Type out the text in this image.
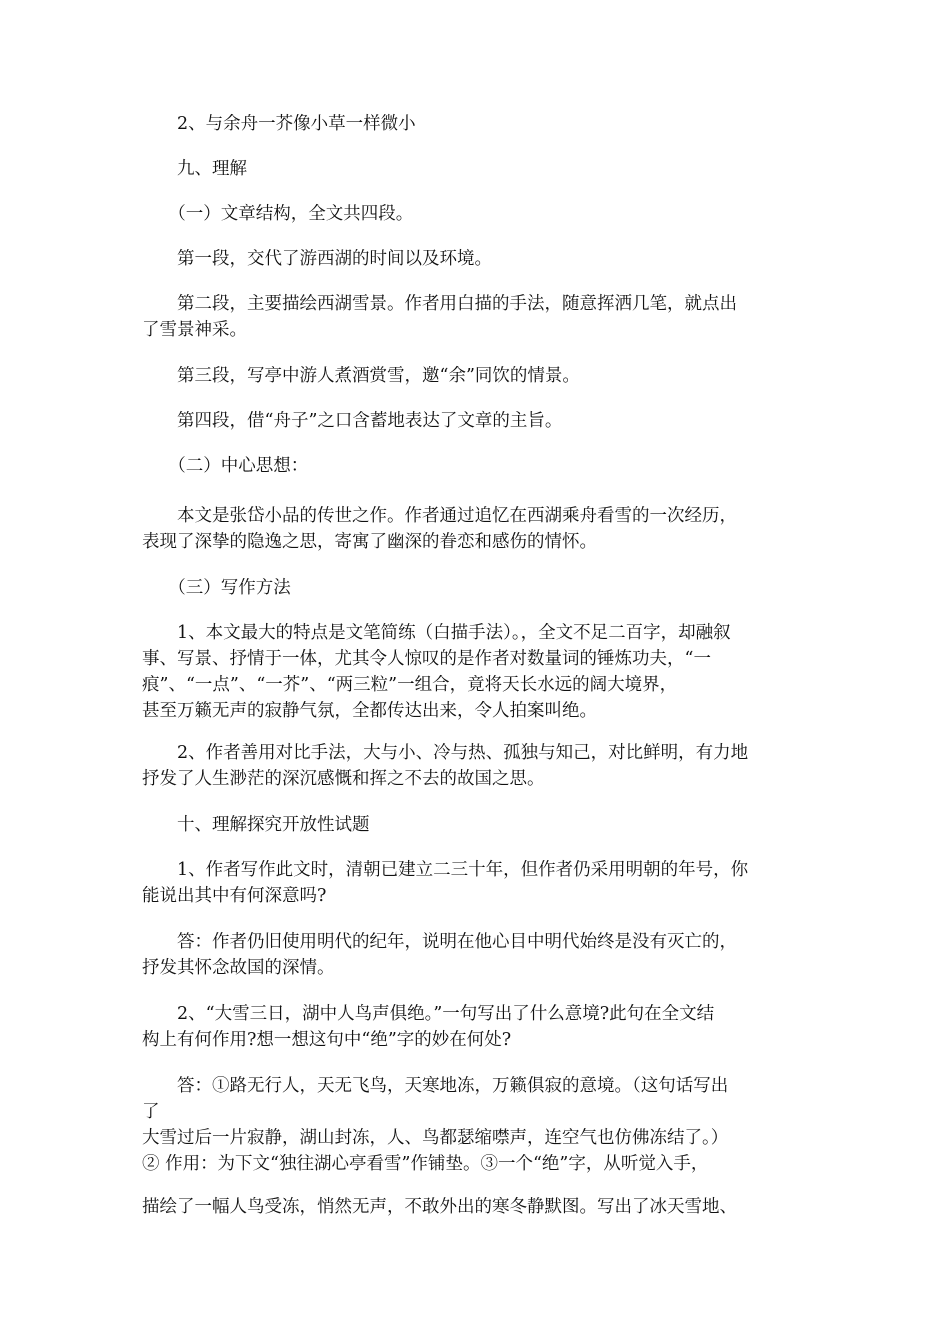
　　2、与余舟一芥像小草一样微小
　　九、理解
　　（一）文章结构，全文共四段。
　　第一段，交代了游西湖的时间以及环境。
　　第二段，主要描绘西湖雪景。作者用白描的手法，随意挥洒几笔，就点出
了雪景神采。
　　第三段，写亭中游人煮酒赏雪，邀“余”同饮的情景。
　　第四段，借“舟子”之口含蓄地表达了文章的主旨。
　　（二）中心思想：
　　本文是张岱小品的传世之作。作者通过追忆在西湖乘舟看雪的一次经历，
表现了深挚的隐逸之思，寄寓了幽深的眷恋和感伤的情怀。
　　（三）写作方法
　　1、本文最大的特点是文笔简练（白描手法）。，全文不足二百字，却融叙
事、写景、抒情于一体，尤其令人惊叹的是作者对数量词的锤炼功夫，“一
痕”、“一点”、“一芥”、“两三粒”一组合，竟将天长水远的阔大境界，
甚至万籁无声的寂静气氛，全都传达出来，令人拍案叫绝。
　　2、作者善用对比手法，大与小、冷与热、孤独与知己，对比鲜明，有力地
抒发了人生渺茫的深沉感慨和挥之不去的故国之思。
　　十、理解探究开放性试题
　　1、作者写作此文时，清朝已建立二三十年，但作者仍采用明朝的年号，你
能说出其中有何深意吗?
　　答：作者仍旧使用明代的纪年，说明在他心目中明代始终是没有灭亡的，
抒发其怀念故国的深情。
　　2、“大雪三日，湖中人鸟声俱绝。”一句写出了什么意境?此句在全文结
构上有何作用?想一想这句中“绝”字的妙在何处?
　　答：①路无行人，天无飞鸟，天寒地冻，万籁俱寂的意境。（这句话写出
了
大雪过后一片寂静，湖山封冻，人、鸟都瑟缩噤声，连空气也仿佛冻结了。）
② 作用：为下文“独往湖心亭看雪”作铺垫。③一个“绝”字，从听觉入手，
描绘了一幅人鸟受冻，悄然无声，不敢外出的寒冬静默图。写出了冰天雪地、
